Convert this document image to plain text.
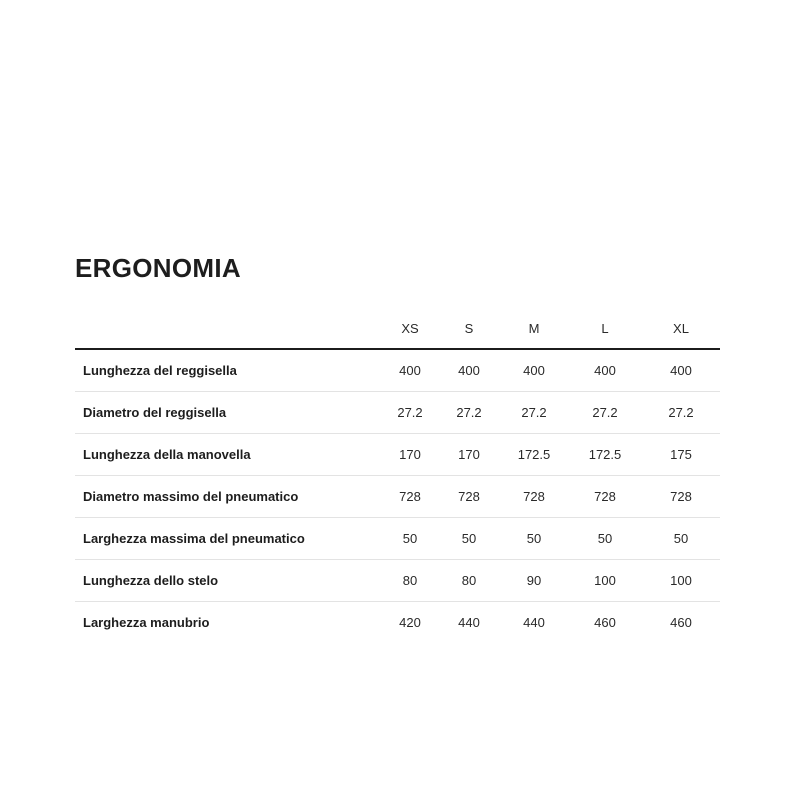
ERGONOMIA
	XS	S	M	L	XL
Lunghezza del reggisella	400	400	400	400	400
Diametro del reggisella	27.2	27.2	27.2	27.2	27.2
Lunghezza della manovella	170	170	172.5	172.5	175
Diametro massimo del pneumatico	728	728	728	728	728
Larghezza massima del pneumatico	50	50	50	50	50
Lunghezza dello stelo	80	80	90	100	100
Larghezza manubrio	420	440	440	460	460
